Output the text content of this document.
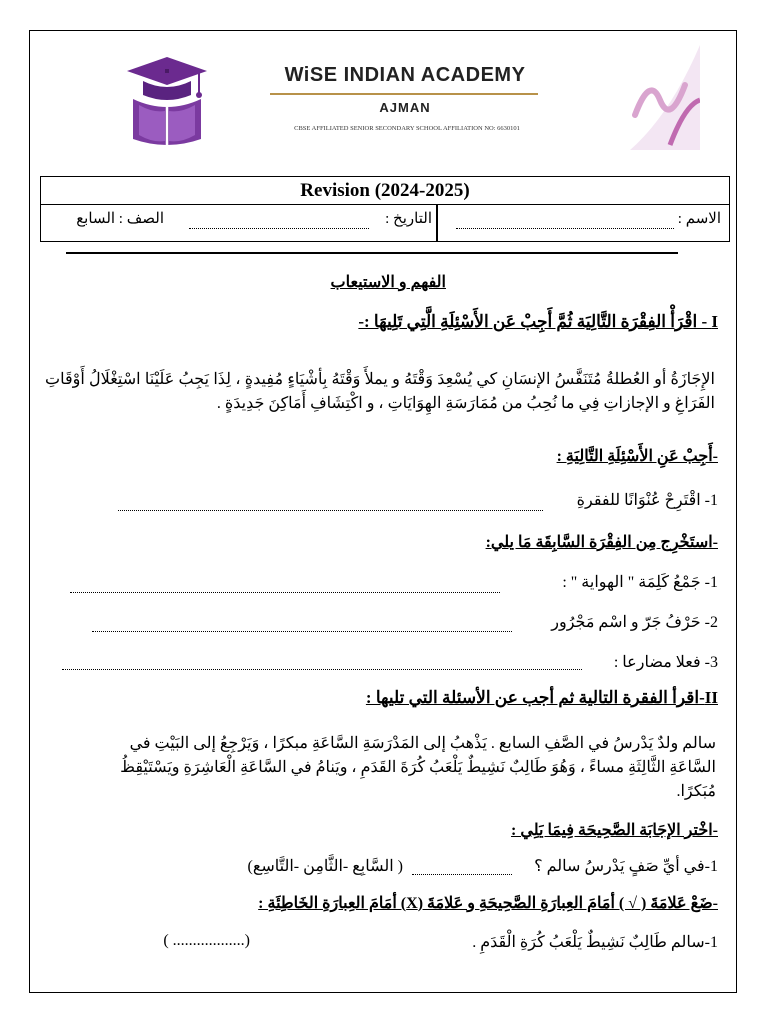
WiSE INDIAN ACADEMY
AJMAN
CBSE AFFILIATED SENIOR SECONDARY SCHOOL AFFILIATION NO: 6630101
Revision (2024-2025)
الاسم :
التاريخ :
الصف : السابع
الفهم و الاستيعاب
I - اقْرَأْ الفِقْرَة التَّالِيَة ثُمَّ أَجِبْ عَن الأَسْئِلَةِ الَّتِي تَلِيهَا :-
الإِجَازَةُ أو العُطلةُ مُتَنَفَّسُ الإنسَانِ كي يُسْعِدَ وَقْتَهُ و يملأَ وَقْتَهُ بِأشْيَاءٍ مُفِيدةٍ ، لِذَا يَجِبُ عَلَيْنَا اسْتِغْلَالُ أَوْقَاتِ الفَرَاغِ و الإجازاتِ فِي ما نُحِبُ من مُمَارَسَةِ الهِوَايَاتِ ، و اكْتِشَافِ أَمَاكِنَ جَدِيدَةٍ .
-أَجِبْ عَنِ الأَسْئِلَةِ التَّالِيَةِ :
1- اقْتَرِحْ عُنْوَانًا للفقرةِ
-استَخْرِج مِن الفِقْرَة السَّابِقَة مَا يلي:
1- جَمْعُ كَلِمَة " الهواية " :
2- حَرْفُ جَرّ و اسْم مَجْرُور
3- فعلا مضارعا :
II-اقرأ الفقرة التالية ثم أجب عن الأسئلة التي تليها :
سالم ولدٌ يَدْرسُ في الصَّفِ السابع . يَذْهبُ إلى المَدْرَسَةِ السَّاعَةِ مبكرًا ، وَيَرْجِعُ إلى البَيْتِ في
السَّاعَةِ الثَّالِثَةِ مساءً ، وَهُوَ طَالِبٌ نَشِيطٌ يَلْعَبُ كُرَةَ القَدَمِ ، ويَنامُ في السَّاعَةِ الْعَاشِرَةِ ويَسْتَيْقِظُ
مُبَكرًا.
-اخْتر الإجَابَة الصَّحِيحَة فِيمَا يَلِي :
1-في أيِّ صَفٍ يَدْرسُ سالم ؟
( السَّابِع -الثَّامِن -التَّاسِع)
-ضَعْ عَلامَةَ ( √ ) أمَامَ العِبارَةِ الصَّحِيحَةِ و عَلامَةَ (X) أمَامَ العِبارَةِ الخَاطِئَةِ :
1-سالم طَالِبٌ نَشِيطٌ يَلْعَبُ كُرَةِ الْقَدَمِ .
(.................. )
